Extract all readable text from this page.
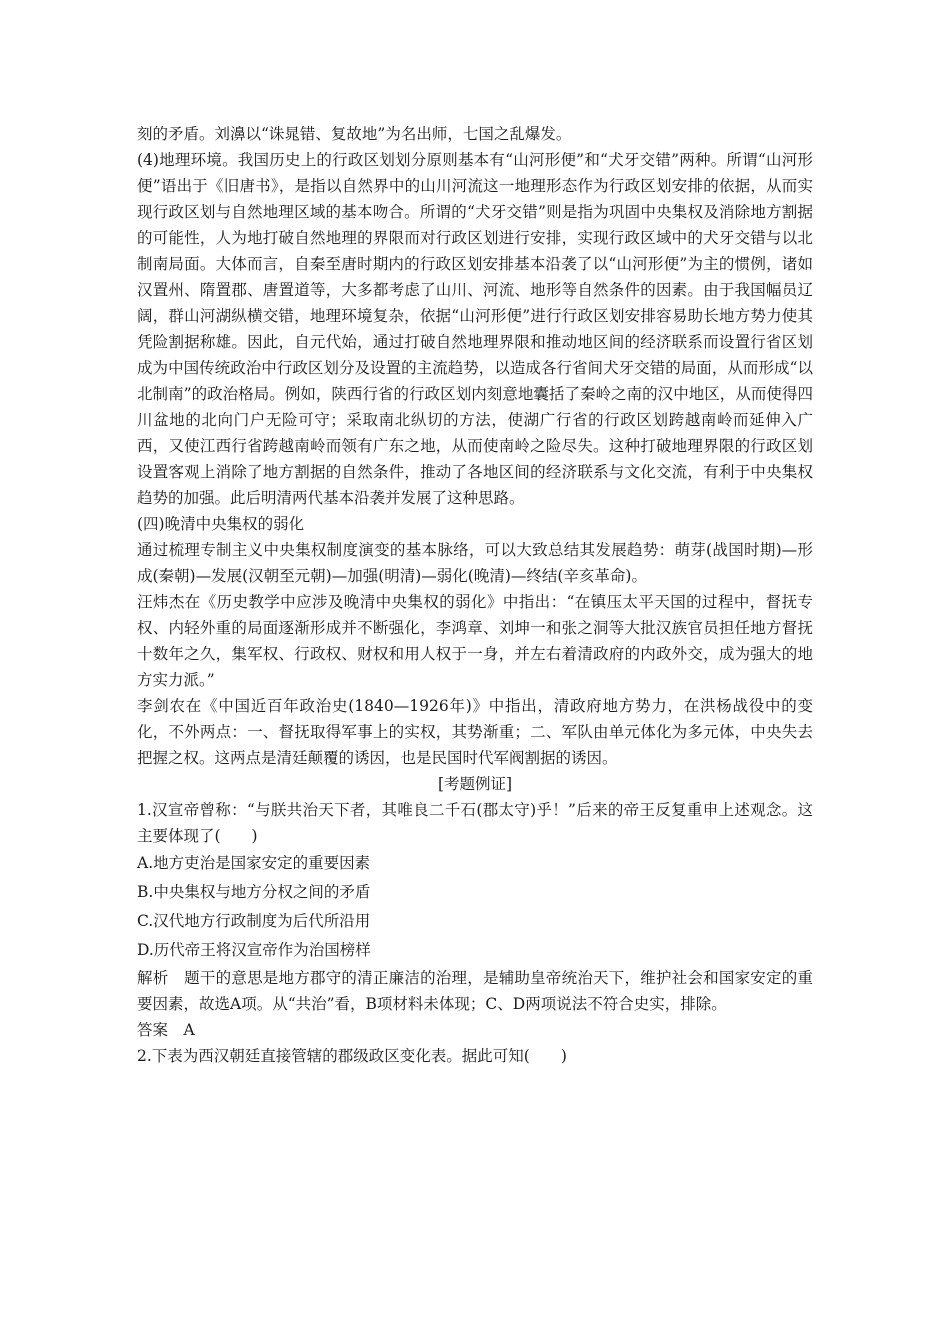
刻的矛盾。刘濞以“诛晁错、复故地”为名出师，七国之乱爆发。

(4)地理环境。我国历史上的行政区划划分原则基本有“山河形便”和“犬牙交错”两种。所谓“山河形便”语出于《旧唐书》，是指以自然界中的山川河流这一地理形态作为行政区划安排的依据，从而实现行政区划与自然地理区域的基本吻合。所谓的“犬牙交错”则是指为巩固中央集权及消除地方割据的可能性，人为地打破自然地理的界限而对行政区划进行安排，实现行政区域中的犬牙交错与以北制南局面。大体而言，自秦至唐时期内的行政区划安排基本沿袭了以“山河形便”为主的惯例，诸如汉置州、隋置郡、唐置道等，大多都考虑了山川、河流、地形等自然条件的因素。由于我国幅员辽阔，群山河湖纵横交错，地理环境复杂，依据“山河形便”进行行政区划安排容易助长地方势力使其凭险割据称雄。因此，自元代始，通过打破自然地理界限和推动地区间的经济联系而设置行省区划成为中国传统政治中行政区划分及设置的主流趋势，以造成各行省间犬牙交错的局面，从而形成“以北制南”的政治格局。例如，陕西行省的行政区划内刻意地囊括了秦岭之南的汉中地区，从而使得四川盆地的北向门户无险可守；采取南北纵切的方法，使湖广行省的行政区划跨越南岭而延伸入广西，又使江西行省跨越南岭而领有广东之地，从而使南岭之险尽失。这种打破地理界限的行政区划设置客观上消除了地方割据的自然条件，推动了各地区间的经济联系与文化交流，有利于中央集权趋势的加强。此后明清两代基本沿袭并发展了这种思路。

(四)晚清中央集权的弱化

通过梳理专制主义中央集权制度演变的基本脉络，可以大致总结其发展趋势：萌芽(战国时期)—形成(秦朝)—发展(汉朝至元朝)—加强(明清)—弱化(晚清)—终结(辛亥革命)。

汪炜杰在《历史教学中应涉及晚清中央集权的弱化》中指出：“在镇压太平天国的过程中，督抚专权、内轻外重的局面逐渐形成并不断强化，李鸿章、刘坤一和张之洞等大批汉族官员担任地方督抚十数年之久，集军权、行政权、财权和用人权于一身，并左右着清政府的内政外交，成为强大的地方实力派。”

李剑农在《中国近百年政治史(1840—1926年)》中指出，清政府地方势力，在洪杨战役中的变化，不外两点：一、督抚取得军事上的实权，其势渐重；二、军队由单元体化为多元体，中央失去把握之权。这两点是清廷颠覆的诱因，也是民国时代军阀割据的诱因。

[考题例证]

1.汉宣帝曾称：“与朕共治天下者，其唯良二千石(郡太守)乎！”后来的帝王反复重申上述观念。这主要体现了(　　)

A.地方吏治是国家安定的重要因素
B.中央集权与地方分权之间的矛盾
C.汉代地方行政制度为后代所沿用
D.历代帝王将汉宣帝作为治国榜样

解析　题干的意思是地方郡守的清正廉洁的治理，是辅助皇帝统治天下，维护社会和国家安定的重要因素，故选A项。从“共治”看，B项材料未体现；C、D两项说法不符合史实，排除。

答案　A

2.下表为西汉朝廷直接管辖的郡级政区变化表。据此可知(　　)
